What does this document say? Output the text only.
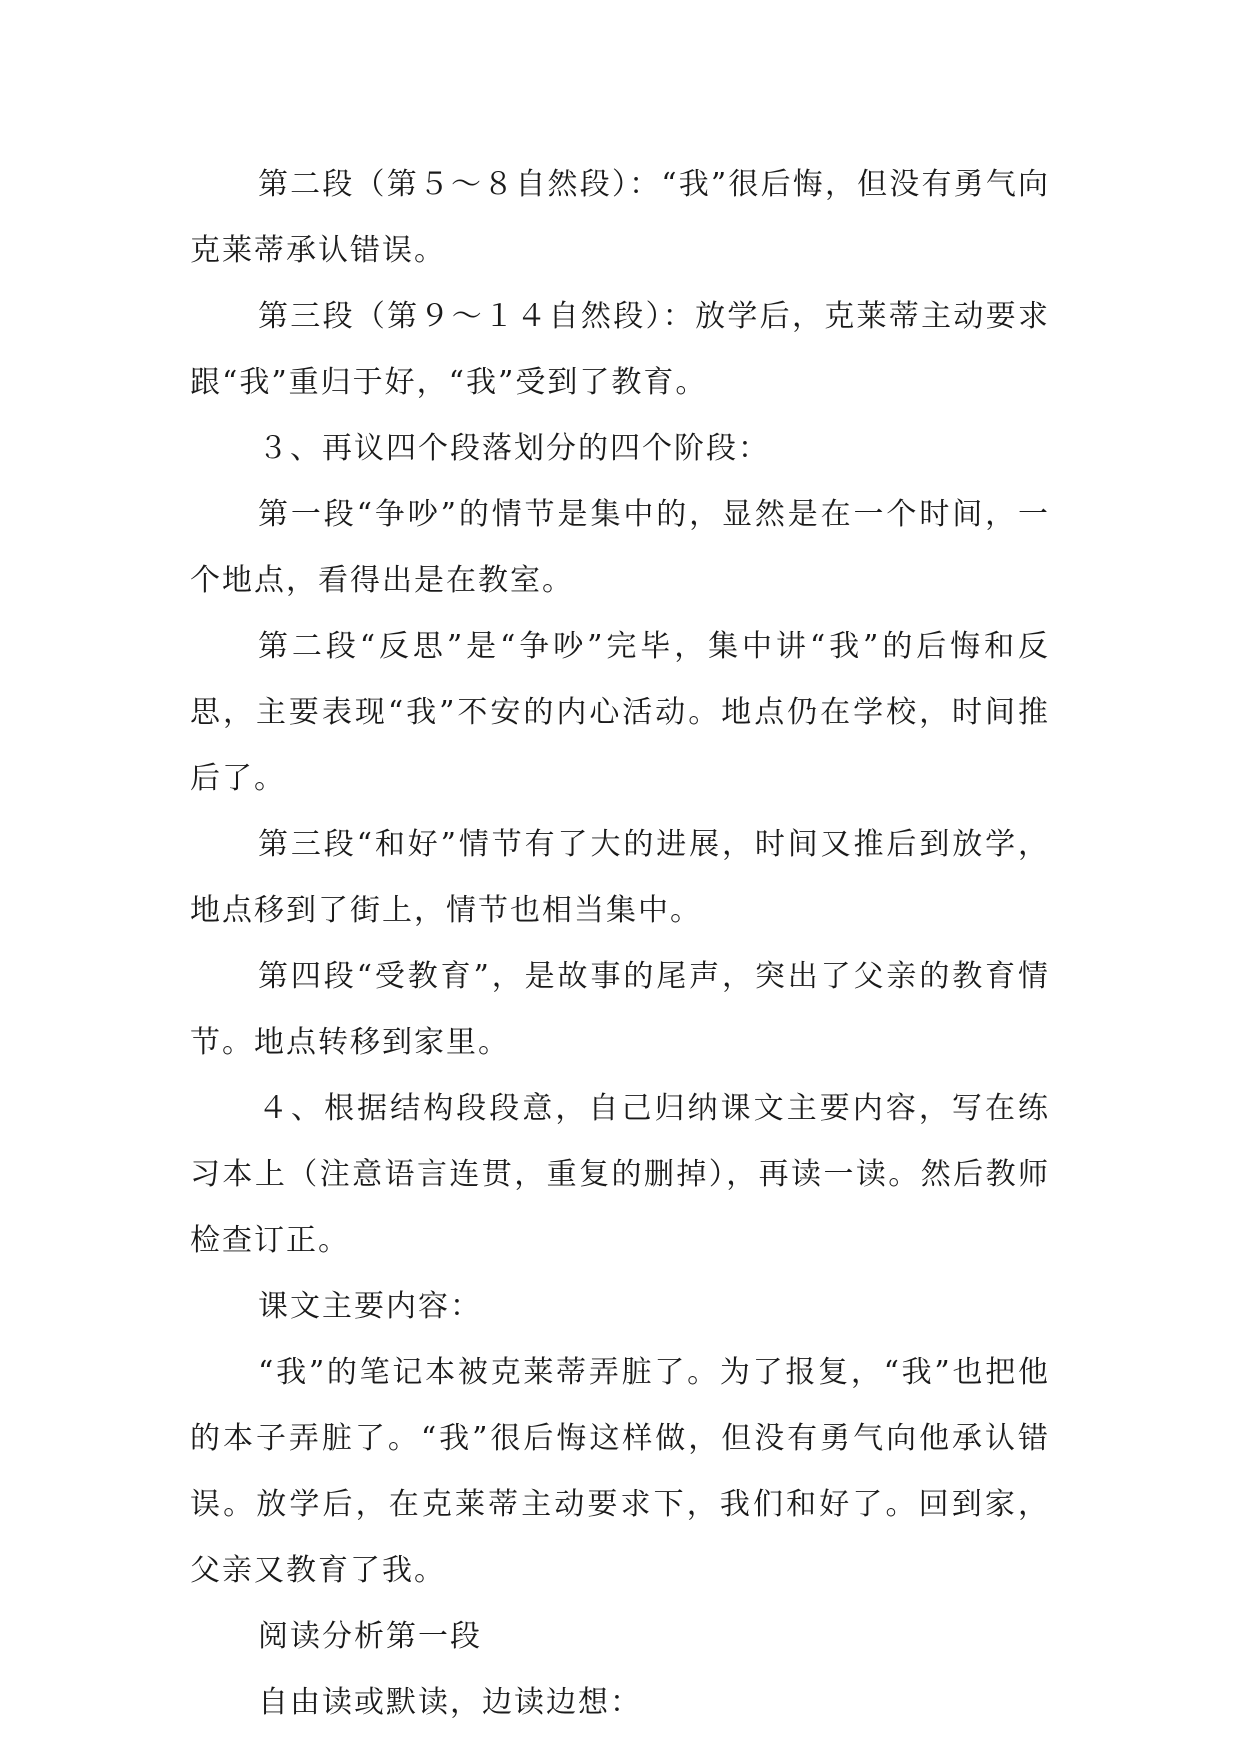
第二段（第５～８自然段）：“我”很后悔，但没有勇气向克莱蒂承认错误。

第三段（第９～１４自然段）：放学后，克莱蒂主动要求跟“我”重归于好，“我”受到了教育。

３、再议四个段落划分的四个阶段：

第一段“争吵”的情节是集中的，显然是在一个时间，一个地点，看得出是在教室。

第二段“反思”是“争吵”完毕，集中讲“我”的后悔和反思，主要表现“我”不安的内心活动。地点仍在学校，时间推后了。

第三段“和好”情节有了大的进展，时间又推后到放学，地点移到了街上，情节也相当集中。

第四段“受教育”，是故事的尾声，突出了父亲的教育情节。地点转移到家里。

４、根据结构段段意，自己归纳课文主要内容，写在练习本上（注意语言连贯，重复的删掉），再读一读。然后教师检查订正。

课文主要内容：

“我”的笔记本被克莱蒂弄脏了。为了报复，“我”也把他的本子弄脏了。“我”很后悔这样做，但没有勇气向他承认错误。放学后，在克莱蒂主动要求下，我们和好了。回到家，父亲又教育了我。

阅读分析第一段

自由读或默读，边读边想：
